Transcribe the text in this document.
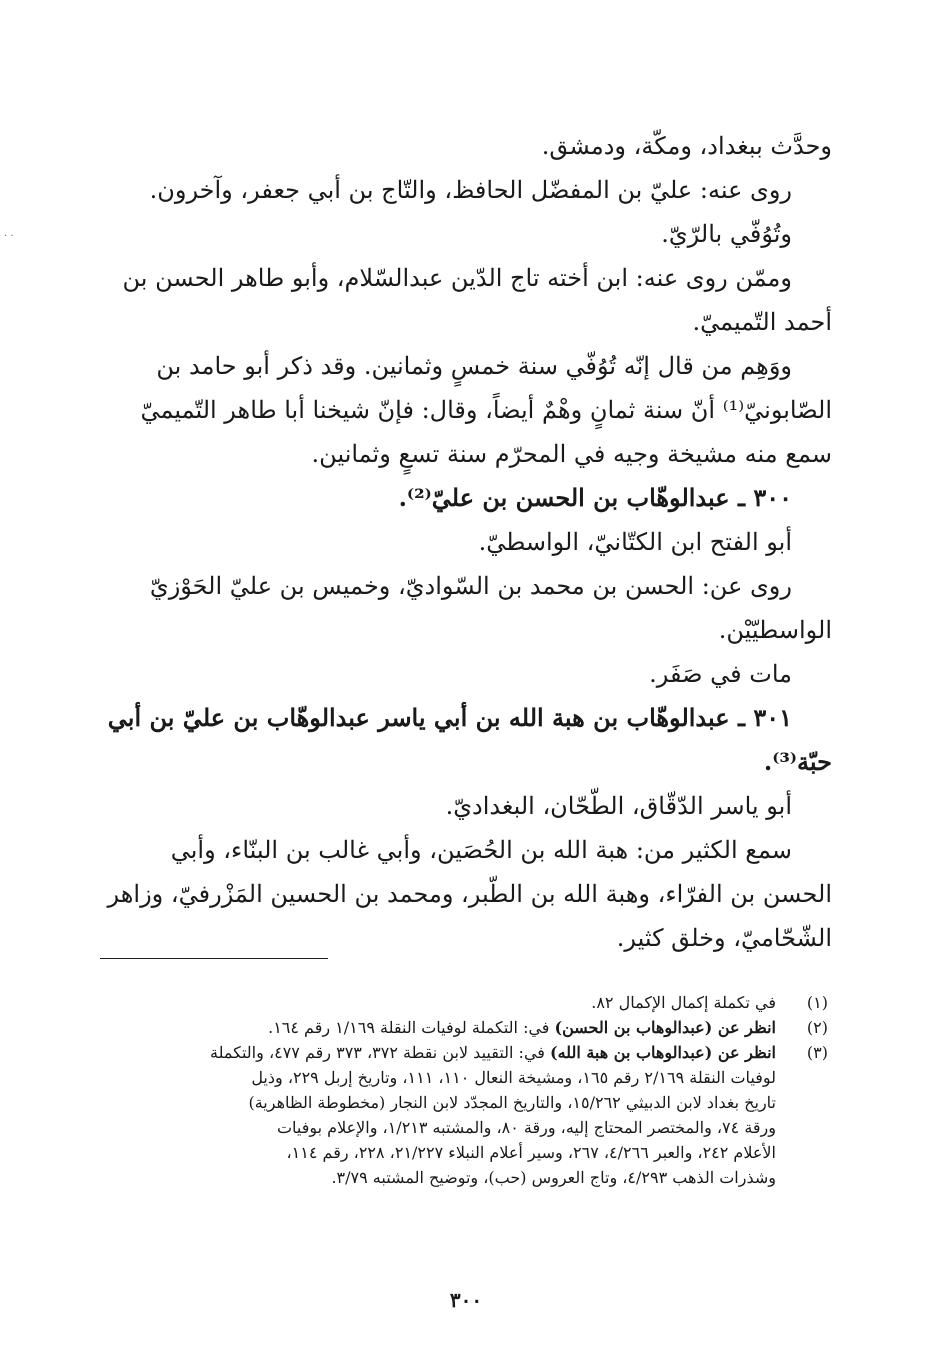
. .
وحدَّث ببغداد، ومكّة، ودمشق.
روى عنه: عليّ بن المفضّل الحافظ، والتّاج بن أبي جعفر، وآخرون.
وتُوُفّي بالرّيّ.
وممّن روى عنه: ابن أخته تاج الدّين عبدالسّلام، وأبو طاهر الحسن بن
أحمد التّميميّ.
ووَهِم من قال إنّه تُوُفّي سنة خمسٍ وثمانين. وقد ذكر أبو حامد بن
الصّابونيّ⁽¹⁾ أنّ سنة ثمانٍ وهْمٌ أيضاً، وقال: فإنّ شيخنا أبا طاهر التّميميّ
سمع منه مشيخة وجيه في المحرّم سنة تسعٍ وثمانين.
٣٠٠ ـ عبدالوهّاب بن الحسن بن عليّ⁽²⁾.
أبو الفتح ابن الكتّانيّ، الواسطيّ.
روى عن: الحسن بن محمد بن السّواديّ، وخميس بن عليّ الحَوْزيّ
الواسطيّيْن.
مات في صَفَر.
٣٠١ ـ عبدالوهّاب بن هبة الله بن أبي ياسر عبدالوهّاب بن عليّ بن أبي
حبّة⁽³⁾.
أبو ياسر الدّقّاق، الطّحّان، البغداديّ.
سمع الكثير من: هبة الله بن الحُصَين، وأبي غالب بن البنّاء، وأبي
الحسن بن الفرّاء، وهبة الله بن الطّبر، ومحمد بن الحسين المَزْرفيّ، وزاهر
الشّحّاميّ، وخلق كثير.
(١)
في تكملة إكمال الإكمال ٨٢.
(٢)
انظر عن (عبدالوهاب بن الحسن) في: التكملة لوفيات النقلة ١/١٦٩ رقم ١٦٤.
(٣)
انظر عن (عبدالوهاب بن هبة الله) في: التقييد لابن نقطة ٣٧٢، ٣٧٣ رقم ٤٧٧، والتكملة
لوفيات النقلة ٢/١٦٩ رقم ١٦٥، ومشيخة النعال ١١٠، ١١١، وتاريخ إربل ٢٢٩، وذيل
تاريخ بغداد لابن الدبيثي ١٥/٢٦٢، والتاريخ المجدّد لابن النجار (مخطوطة الظاهرية)
ورقة ٧٤، والمختصر المحتاج إليه، ورقة ٨٠، والمشتبه ١/٢١٣، والإعلام بوفيات
الأعلام ٢٤٢، والعبر ٤/٢٦٦، ٢٦٧، وسير أعلام النبلاء ٢١/٢٢٧، ٢٢٨، رقم ١١٤،
وشذرات الذهب ٤/٢٩٣، وتاج العروس (حب)، وتوضيح المشتبه ٣/٧٩.
٣٠٠
